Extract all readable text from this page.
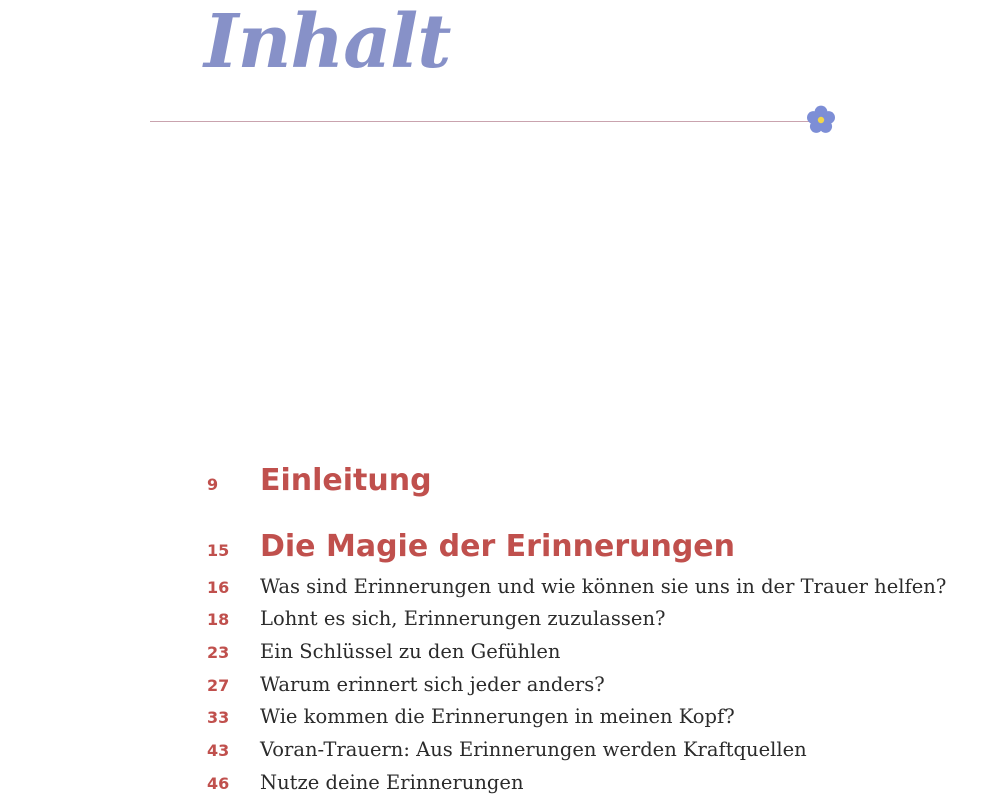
Inhalt
9 Einleitung
15 Die Magie der Erinnerungen
16 Was sind Erinnerungen und wie können sie uns in der Trauer helfen?
18 Lohnt es sich, Erinnerungen zuzulassen?
23 Ein Schlüssel zu den Gefühlen
27 Warum erinnert sich jeder anders?
33 Wie kommen die Erinnerungen in meinen Kopf?
43 Voran-Trauern: Aus Erinnerungen werden Kraftquellen
46 Nutze deine Erinnerungen
